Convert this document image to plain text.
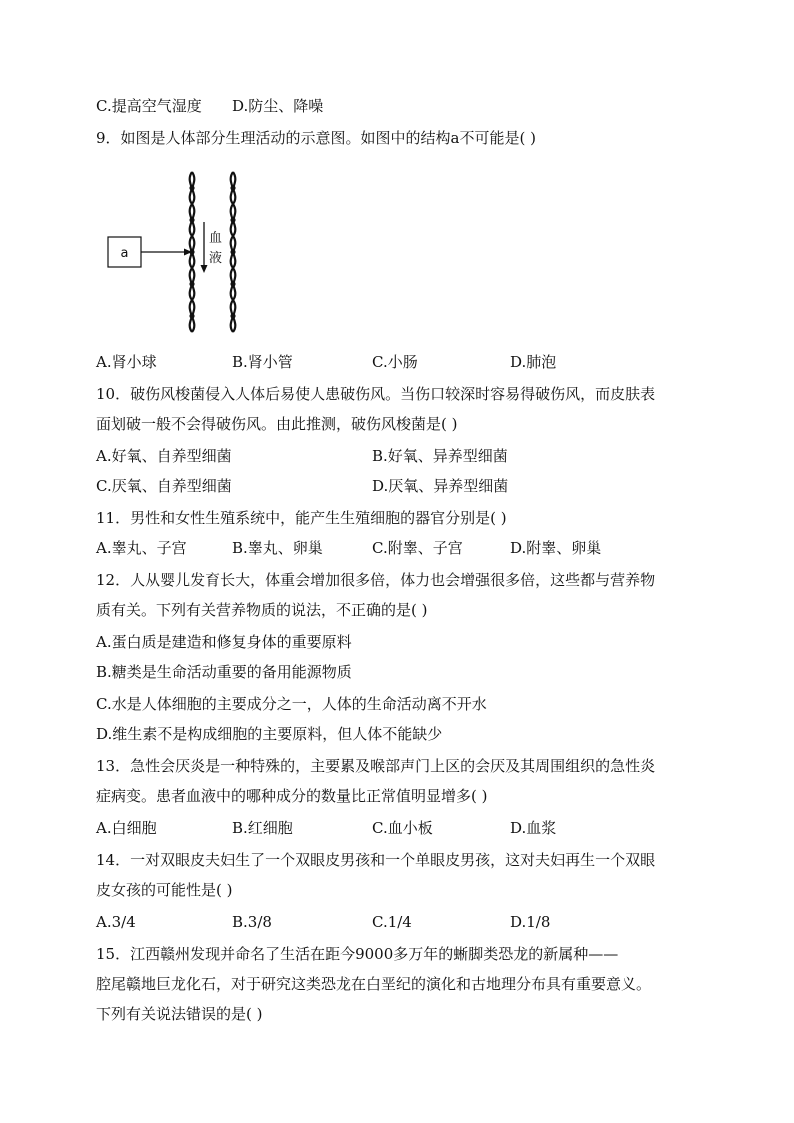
C.提高空气湿度 D.防尘、降噪
9．如图是人体部分生理活动的示意图。如图中的结构a不可能是( )
a
血
液
A.肾小球	B.肾小管	C.小肠	D.肺泡
10．破伤风梭菌侵入人体后易使人患破伤风。当伤口较深时容易得破伤风，而皮肤表
面划破一般不会得破伤风。由此推测，破伤风梭菌是( )
A.好氧、自养型细菌	B.好氧、异养型细菌
C.厌氧、自养型细菌	D.厌氧、异养型细菌
11．男性和女性生殖系统中，能产生生殖细胞的器官分别是( )
A.睾丸、子宫	B.睾丸、卵巢	C.附睾、子宫	D.附睾、卵巢
12．人从婴儿发育长大，体重会增加很多倍，体力也会增强很多倍，这些都与营养物
质有关。下列有关营养物质的说法，不正确的是( )
A.蛋白质是建造和修复身体的重要原料
B.糖类是生命活动重要的备用能源物质
C.水是人体细胞的主要成分之一，人体的生命活动离不开水
D.维生素不是构成细胞的主要原料，但人体不能缺少
13．急性会厌炎是一种特殊的，主要累及喉部声门上区的会厌及其周围组织的急性炎
症病变。患者血液中的哪种成分的数量比正常值明显增多( )
A.白细胞	B.红细胞	C.血小板	D.血浆
14．一对双眼皮夫妇生了一个双眼皮男孩和一个单眼皮男孩，这对夫妇再生一个双眼
皮女孩的可能性是( )
A.3/4	B.3/8	C.1/4	D.1/8
15．江西赣州发现并命名了生活在距今9000多万年的蜥脚类恐龙的新属种——
腔尾赣地巨龙化石，对于研究这类恐龙在白垩纪的演化和古地理分布具有重要意义。
下列有关说法错误的是( )
